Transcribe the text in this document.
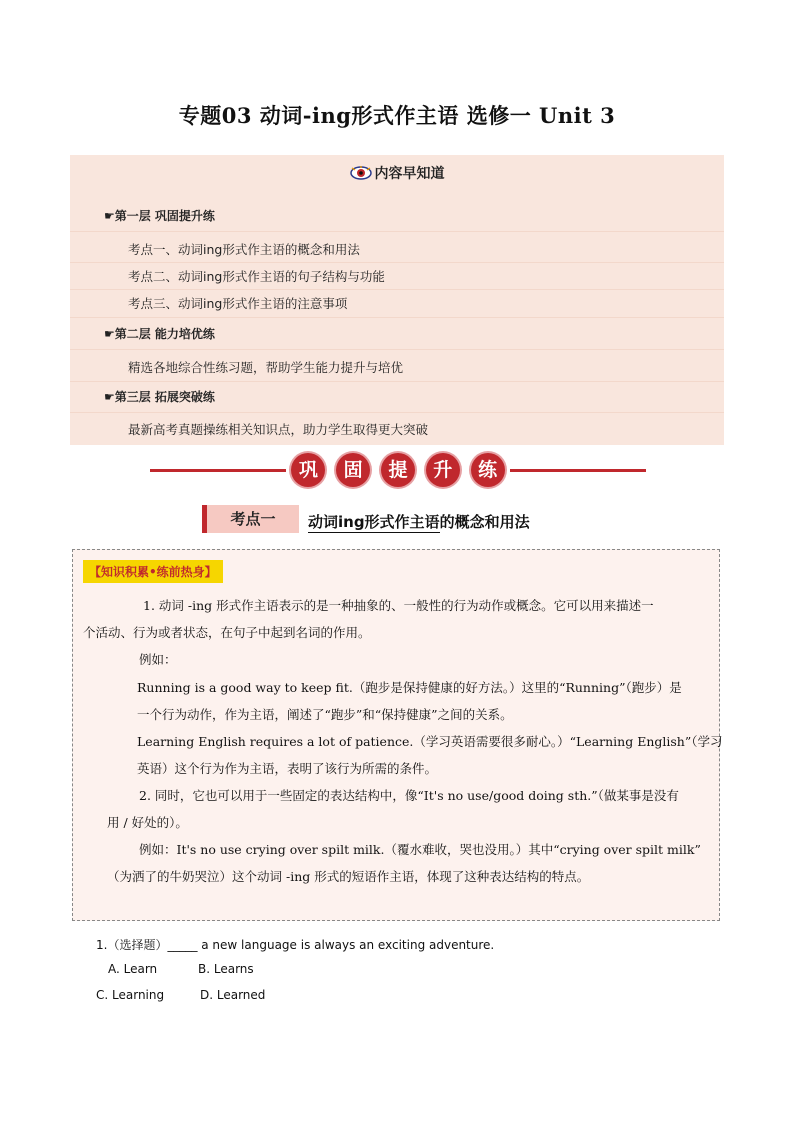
专题03 动词-ing形式作主语 选修一 Unit 3
内容早知道
☛第一层 巩固提升练
考点一、动词ing形式作主语的概念和用法
考点二、动词ing形式作主语的句子结构与功能
考点三、动词ing形式作主语的注意事项
☛第二层 能力培优练
精选各地综合性练习题，帮助学生能力提升与培优
☛第三层 拓展突破练
最新高考真题操练相关知识点，助力学生取得更大突破
巩	固	提	升	练
考点一	动词ing形式作主语的概念和用法
【知识积累•练前热身】
1. 动词 -ing 形式作主语表示的是一种抽象的、一般性的行为动作或概念。它可以用来描述一
个活动、行为或者状态，在句子中起到名词的作用。
例如：
Running is a good way to keep fit.（跑步是保持健康的好方法。）这里的“Running”（跑步）是
一个行为动作，作为主语，阐述了“跑步”和“保持健康”之间的关系。
Learning English requires a lot of patience.（学习英语需要很多耐心。）“Learning English”（学习
英语）这个行为作为主语，表明了该行为所需的条件。
2. 同时，它也可以用于一些固定的表达结构中，像“It's no use/good doing sth.”（做某事是没有
用 / 好处的）。
例如：It's no use crying over spilt milk.（覆水难收，哭也没用。）其中“crying over spilt milk”
（为洒了的牛奶哭泣）这个动词 -ing 形式的短语作主语，体现了这种表达结构的特点。
1.（选择题）_____ a new language is always an exciting adventure.
A. Learn	B. Learns
C. Learning	D. Learned
